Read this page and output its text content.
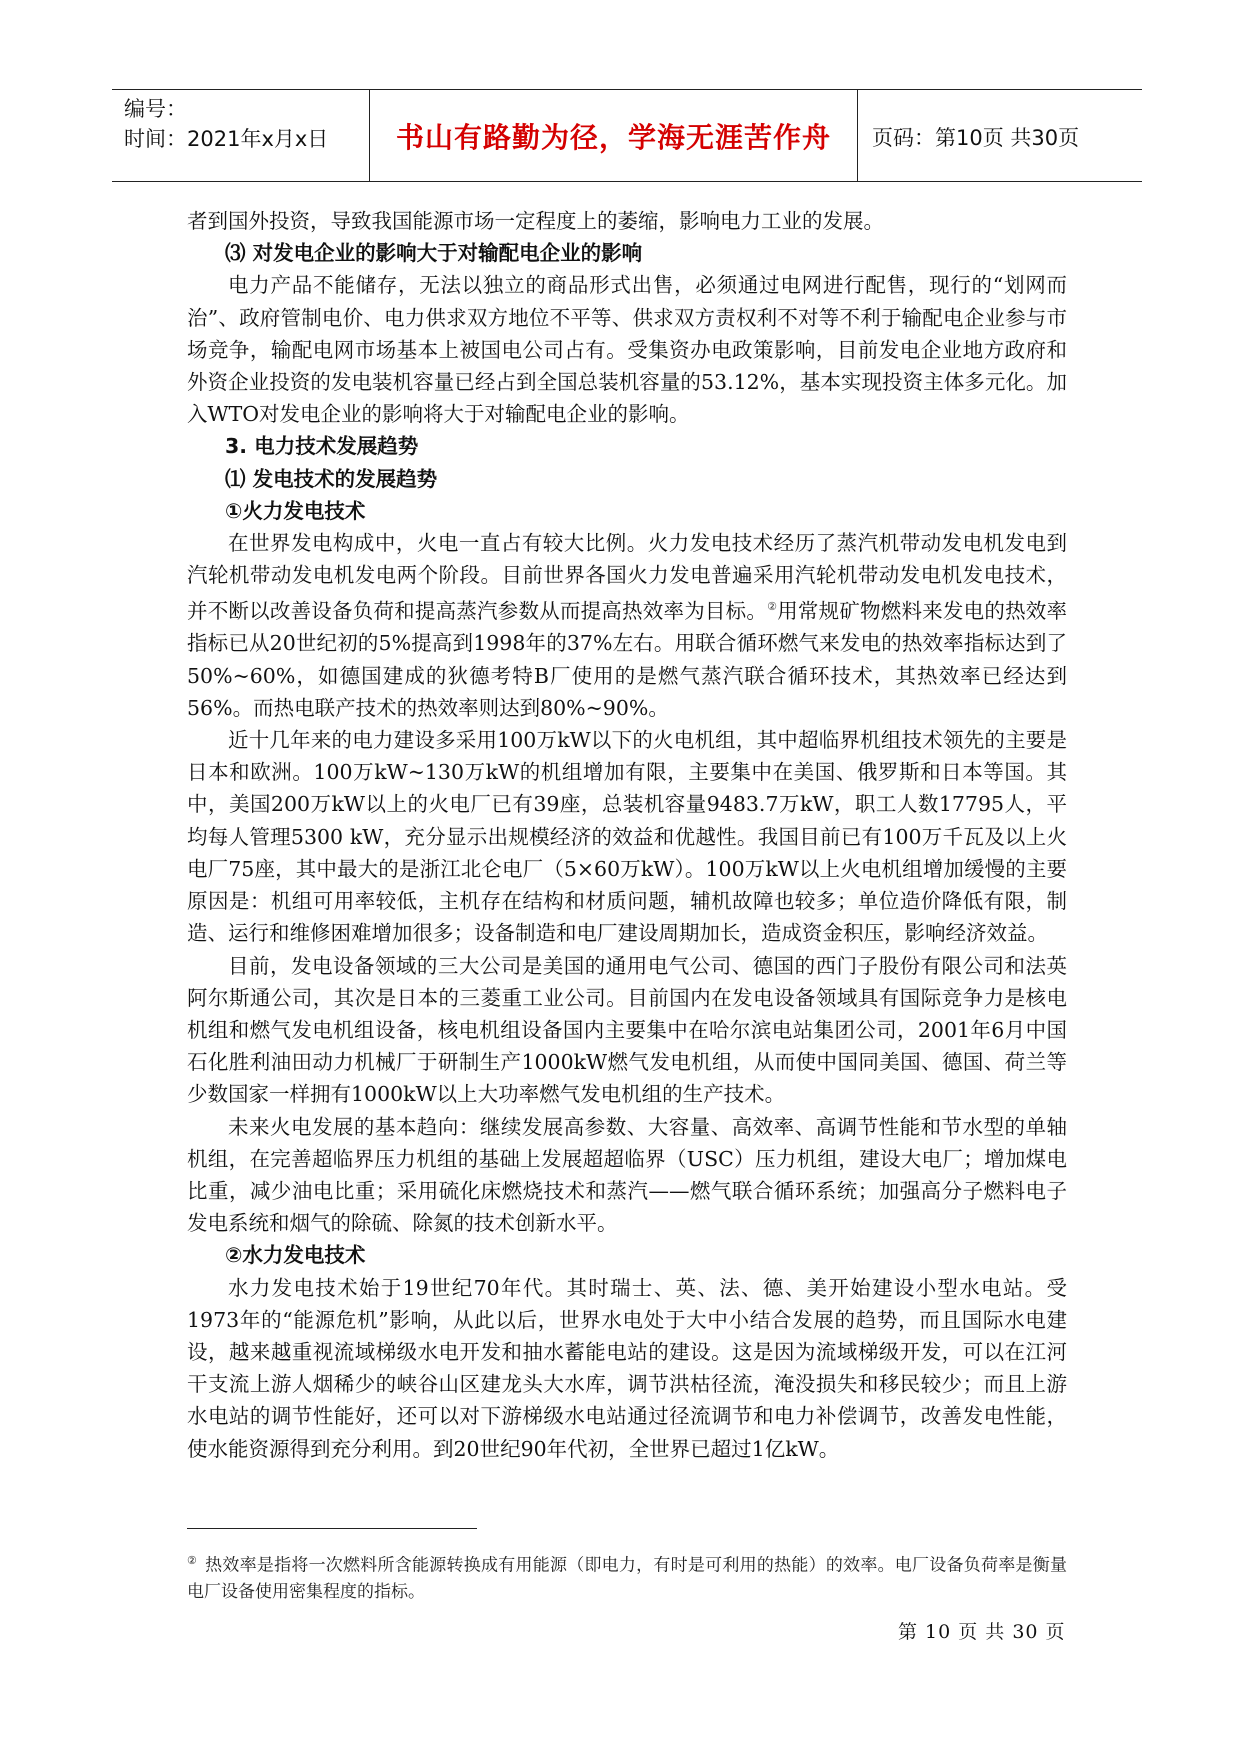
编号：
时间：2021年x月x日	书山有路勤为径，学海无涯苦作舟	页码：第10页 共30页

者到国外投资，导致我国能源市场一定程度上的萎缩，影响电力工业的发展。

⑶ 对发电企业的影响大于对输配电企业的影响

电力产品不能储存，无法以独立的商品形式出售，必须通过电网进行配售，现行的“划网而治”、政府管制电价、电力供求双方地位不平等、供求双方责权利不对等不利于输配电企业参与市场竞争，输配电网市场基本上被国电公司占有。受集资办电政策影响，目前发电企业地方政府和外资企业投资的发电装机容量已经占到全国总装机容量的53.12%，基本实现投资主体多元化。加入WTO对发电企业的影响将大于对输配电企业的影响。

3. 电力技术发展趋势
⑴ 发电技术的发展趋势
①火力发电技术

在世界发电构成中，火电一直占有较大比例。火力发电技术经历了蒸汽机带动发电机发电到汽轮机带动发电机发电两个阶段。目前世界各国火力发电普遍采用汽轮机带动发电机发电技术，并不断以改善设备负荷和提高蒸汽参数从而提高热效率为目标。②用常规矿物燃料来发电的热效率指标已从20世纪初的5%提高到1998年的37%左右。用联合循环燃气来发电的热效率指标达到了50%~60%，如德国建成的狄德考特B厂使用的是燃气蒸汽联合循环技术，其热效率已经达到56%。而热电联产技术的热效率则达到80%~90%。

近十几年来的电力建设多采用100万kW以下的火电机组，其中超临界机组技术领先的主要是日本和欧洲。100万kW~130万kW的机组增加有限，主要集中在美国、俄罗斯和日本等国。其中，美国200万kW以上的火电厂已有39座，总装机容量9483.7万kW，职工人数17795人，平均每人管理5300 kW，充分显示出规模经济的效益和优越性。我国目前已有100万千瓦及以上火电厂75座，其中最大的是浙江北仑电厂（5×60万kW）。100万kW以上火电机组增加缓慢的主要原因是：机组可用率较低，主机存在结构和材质问题，辅机故障也较多；单位造价降低有限，制造、运行和维修困难增加很多；设备制造和电厂建设周期加长，造成资金积压，影响经济效益。

目前，发电设备领域的三大公司是美国的通用电气公司、德国的西门子股份有限公司和法英阿尔斯通公司，其次是日本的三菱重工业公司。目前国内在发电设备领域具有国际竞争力是核电机组和燃气发电机组设备，核电机组设备国内主要集中在哈尔滨电站集团公司，2001年6月中国石化胜利油田动力机械厂于研制生产1000kW燃气发电机组，从而使中国同美国、德国、荷兰等少数国家一样拥有1000kW以上大功率燃气发电机组的生产技术。

未来火电发展的基本趋向：继续发展高参数、大容量、高效率、高调节性能和节水型的单轴机组，在完善超临界压力机组的基础上发展超超临界（USC）压力机组，建设大电厂；增加煤电比重，减少油电比重；采用硫化床燃烧技术和蒸汽——燃气联合循环系统；加强高分子燃料电子发电系统和烟气的除硫、除氮的技术创新水平。

②水力发电技术

水力发电技术始于19世纪70年代。其时瑞士、英、法、德、美开始建设小型水电站。受1973年的“能源危机”影响，从此以后，世界水电处于大中小结合发展的趋势，而且国际水电建设，越来越重视流域梯级水电开发和抽水蓄能电站的建设。这是因为流域梯级开发，可以在江河干支流上游人烟稀少的峡谷山区建龙头大水库，调节洪枯径流，淹没损失和移民较少；而且上游水电站的调节性能好，还可以对下游梯级水电站通过径流调节和电力补偿调节，改善发电性能，使水能资源得到充分利用。到20世纪90年代初，全世界已超过1亿kW。

② 热效率是指将一次燃料所含能源转换成有用能源（即电力，有时是可利用的热能）的效率。电厂设备负荷率是衡量电厂设备使用密集程度的指标。
第 10 页 共 30 页
